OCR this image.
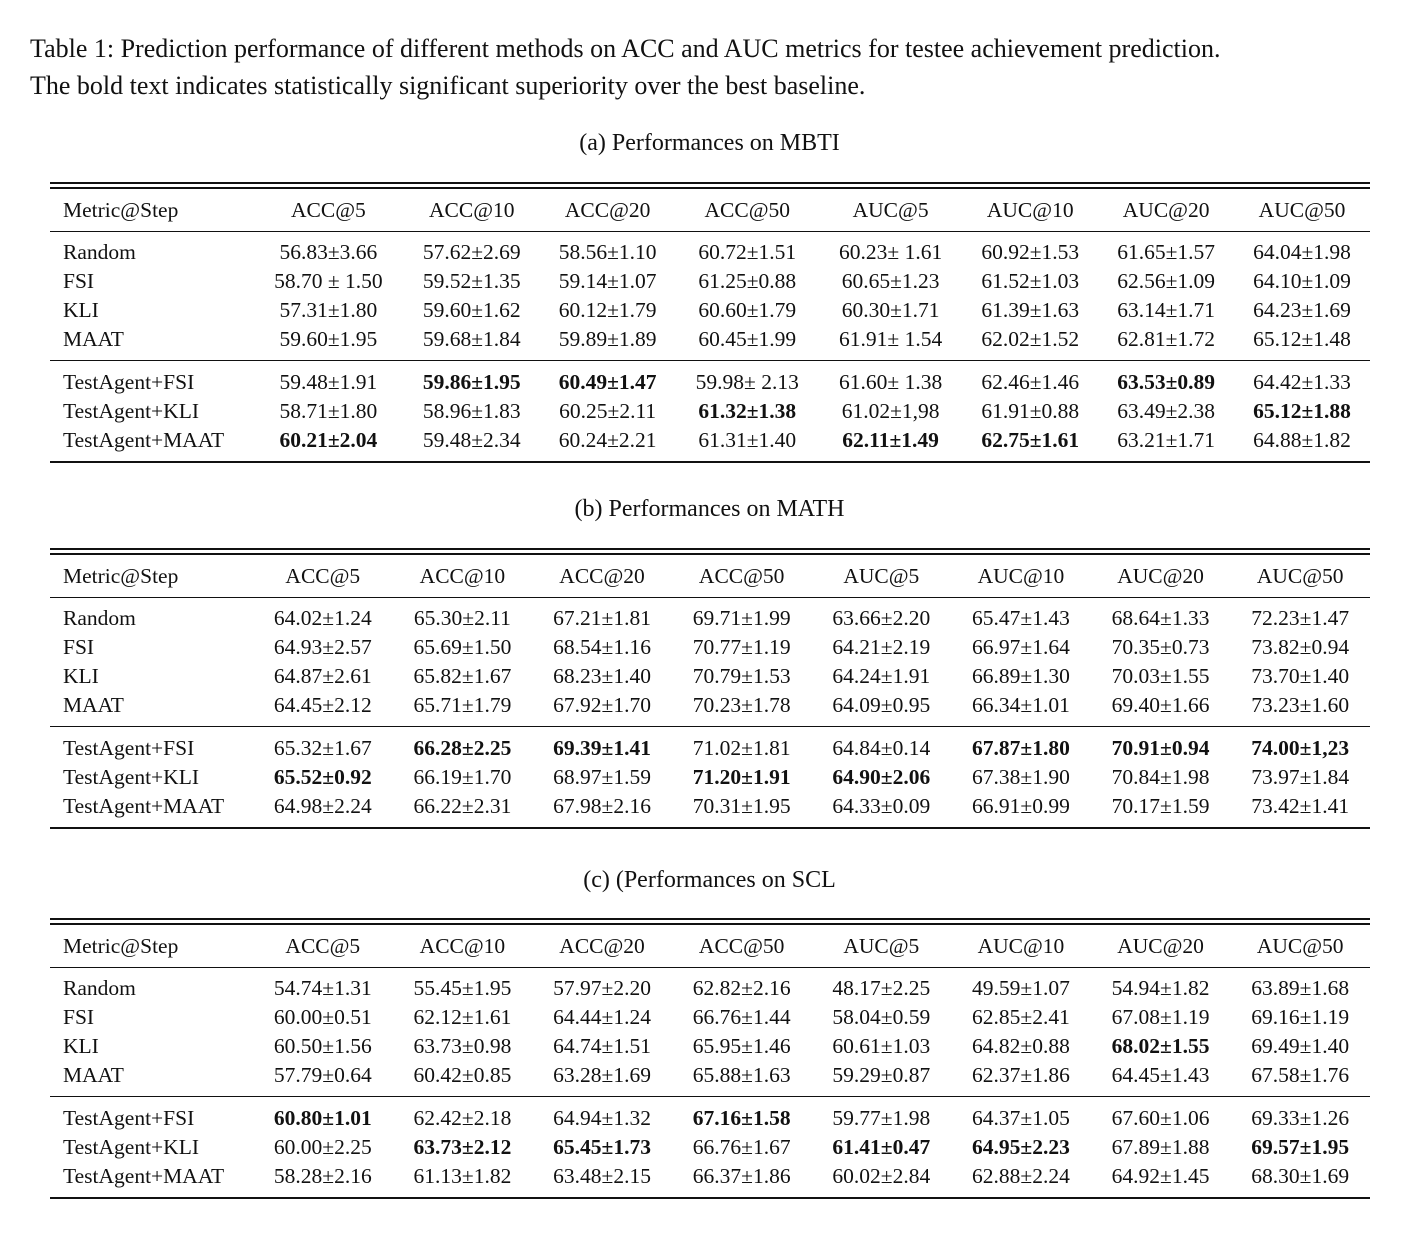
Table 1: Prediction performance of different methods on ACC and AUC metrics for testee achievement prediction.
The bold text indicates statistically significant superiority over the best baseline.
(a) Performances on MBTI
Metric@Step	ACC@5	ACC@10	ACC@20	ACC@50	AUC@5	AUC@10	AUC@20	AUC@50

Random	56.83±3.66	57.62±2.69	58.56±1.10	60.72±1.51	60.23± 1.61	60.92±1.53	61.65±1.57	64.04±1.98
FSI	58.70 ± 1.50	59.52±1.35	59.14±1.07	61.25±0.88	60.65±1.23	61.52±1.03	62.56±1.09	64.10±1.09
KLI	57.31±1.80	59.60±1.62	60.12±1.79	60.60±1.79	60.30±1.71	61.39±1.63	63.14±1.71	64.23±1.69
MAAT	59.60±1.95	59.68±1.84	59.89±1.89	60.45±1.99	61.91± 1.54	62.02±1.52	62.81±1.72	65.12±1.48

TestAgent+FSI	59.48±1.91	59.86±1.95	60.49±1.47	59.98± 2.13	61.60± 1.38	62.46±1.46	63.53±0.89	64.42±1.33
TestAgent+KLI	58.71±1.80	58.96±1.83	60.25±2.11	61.32±1.38	61.02±1,98	61.91±0.88	63.49±2.38	65.12±1.88
TestAgent+MAAT	60.21±2.04	59.48±2.34	60.24±2.21	61.31±1.40	62.11±1.49	62.75±1.61	63.21±1.71	64.88±1.82

(b) Performances on MATH
Metric@Step	ACC@5	ACC@10	ACC@20	ACC@50	AUC@5	AUC@10	AUC@20	AUC@50

Random	64.02±1.24	65.30±2.11	67.21±1.81	69.71±1.99	63.66±2.20	65.47±1.43	68.64±1.33	72.23±1.47
FSI	64.93±2.57	65.69±1.50	68.54±1.16	70.77±1.19	64.21±2.19	66.97±1.64	70.35±0.73	73.82±0.94
KLI	64.87±2.61	65.82±1.67	68.23±1.40	70.79±1.53	64.24±1.91	66.89±1.30	70.03±1.55	73.70±1.40
MAAT	64.45±2.12	65.71±1.79	67.92±1.70	70.23±1.78	64.09±0.95	66.34±1.01	69.40±1.66	73.23±1.60

TestAgent+FSI	65.32±1.67	66.28±2.25	69.39±1.41	71.02±1.81	64.84±0.14	67.87±1.80	70.91±0.94	74.00±1,23
TestAgent+KLI	65.52±0.92	66.19±1.70	68.97±1.59	71.20±1.91	64.90±2.06	67.38±1.90	70.84±1.98	73.97±1.84
TestAgent+MAAT	64.98±2.24	66.22±2.31	67.98±2.16	70.31±1.95	64.33±0.09	66.91±0.99	70.17±1.59	73.42±1.41

(c) (Performances on SCL
Metric@Step	ACC@5	ACC@10	ACC@20	ACC@50	AUC@5	AUC@10	AUC@20	AUC@50

Random	54.74±1.31	55.45±1.95	57.97±2.20	62.82±2.16	48.17±2.25	49.59±1.07	54.94±1.82	63.89±1.68
FSI	60.00±0.51	62.12±1.61	64.44±1.24	66.76±1.44	58.04±0.59	62.85±2.41	67.08±1.19	69.16±1.19
KLI	60.50±1.56	63.73±0.98	64.74±1.51	65.95±1.46	60.61±1.03	64.82±0.88	68.02±1.55	69.49±1.40
MAAT	57.79±0.64	60.42±0.85	63.28±1.69	65.88±1.63	59.29±0.87	62.37±1.86	64.45±1.43	67.58±1.76

TestAgent+FSI	60.80±1.01	62.42±2.18	64.94±1.32	67.16±1.58	59.77±1.98	64.37±1.05	67.60±1.06	69.33±1.26
TestAgent+KLI	60.00±2.25	63.73±2.12	65.45±1.73	66.76±1.67	61.41±0.47	64.95±2.23	67.89±1.88	69.57±1.95
TestAgent+MAAT	58.28±2.16	61.13±1.82	63.48±2.15	66.37±1.86	60.02±2.84	62.88±2.24	64.92±1.45	68.30±1.69
